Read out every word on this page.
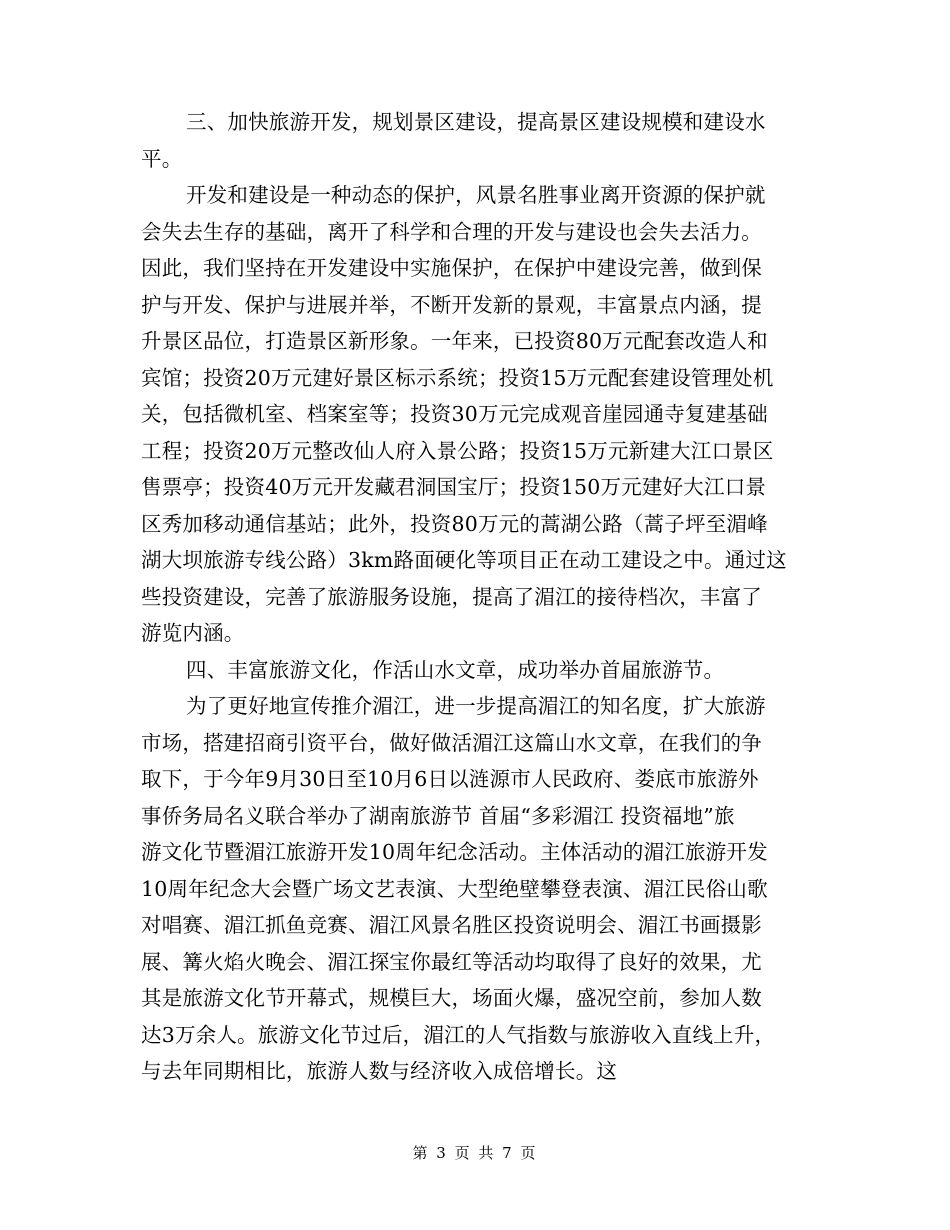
三、加快旅游开发，规划景区建设，提高景区建设规模和建设水
平。
开发和建设是一种动态的保护，风景名胜事业离开资源的保护就
会失去生存的基础，离开了科学和合理的开发与建设也会失去活力。
因此，我们坚持在开发建设中实施保护，在保护中建设完善，做到保
护与开发、保护与进展并举，不断开发新的景观，丰富景点内涵，提
升景区品位，打造景区新形象。一年来，已投资80万元配套改造人和
宾馆；投资20万元建好景区标示系统；投资15万元配套建设管理处机
关，包括微机室、档案室等；投资30万元完成观音崖园通寺复建基础
工程；投资20万元整改仙人府入景公路；投资15万元新建大江口景区
售票亭；投资40万元开发藏君洞国宝厅；投资150万元建好大江口景
区秀加移动通信基站；此外，投资80万元的蒿湖公路（蒿子坪至湄峰
湖大坝旅游专线公路）3km路面硬化等项目正在动工建设之中。通过这
些投资建设，完善了旅游服务设施，提高了湄江的接待档次，丰富了
游览内涵。
四、丰富旅游文化，作活山水文章，成功举办首届旅游节。
为了更好地宣传推介湄江，进一步提高湄江的知名度，扩大旅游
市场，搭建招商引资平台，做好做活湄江这篇山水文章，在我们的争
取下，于今年9月30日至10月6日以涟源市人民政府、娄底市旅游外
事侨务局名义联合举办了湖南旅游节 首届“多彩湄江 投资福地”旅
游文化节暨湄江旅游开发10周年纪念活动。主体活动的湄江旅游开发
10周年纪念大会暨广场文艺表演、大型绝壁攀登表演、湄江民俗山歌
对唱赛、湄江抓鱼竞赛、湄江风景名胜区投资说明会、湄江书画摄影
展、篝火焰火晚会、湄江探宝你最红等活动均取得了良好的效果，尤
其是旅游文化节开幕式，规模巨大，场面火爆，盛况空前，参加人数
达3万余人。旅游文化节过后，湄江的人气指数与旅游收入直线上升，
与去年同期相比，旅游人数与经济收入成倍增长。这
第 3 页 共 7 页
